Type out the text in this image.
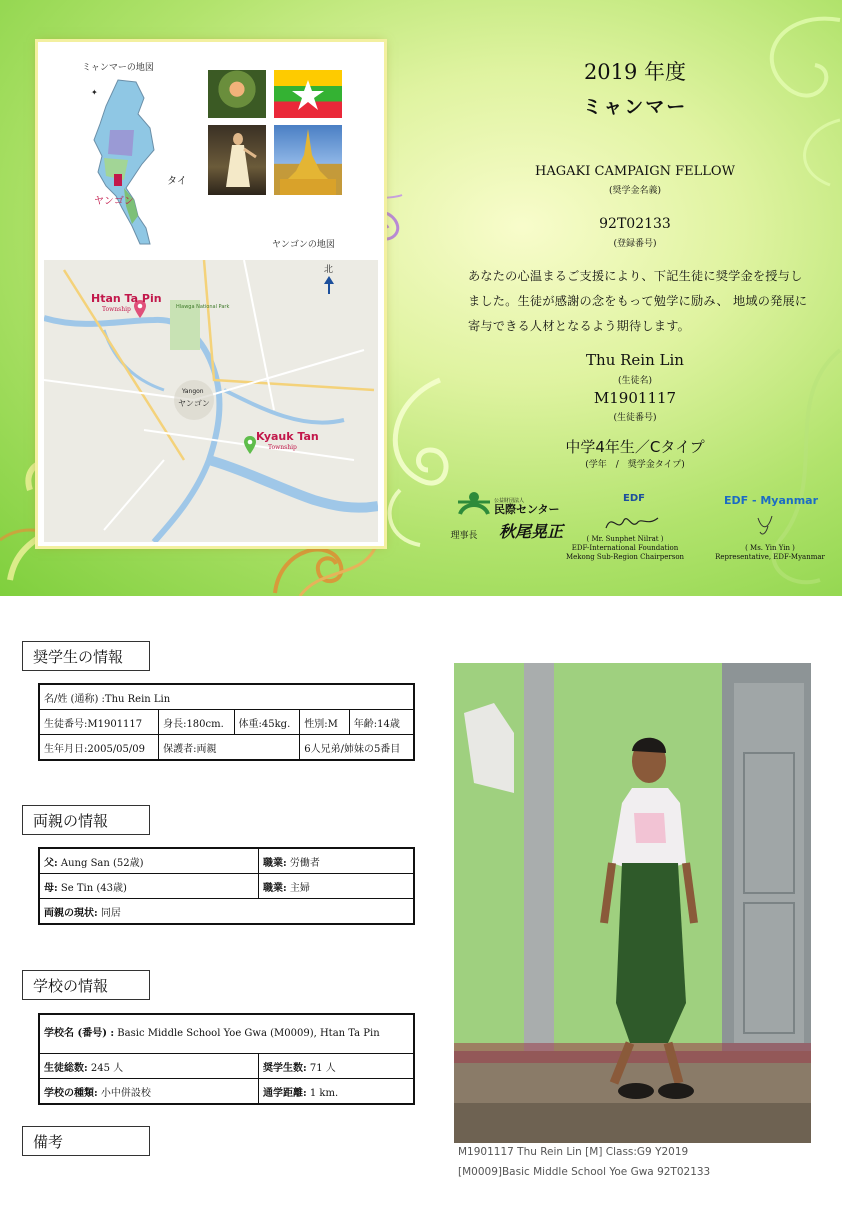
ミャンマーの地図
✦
タイ
ヤンゴン
ヤンゴンの地図
Hlawga National Park
Yangon
ヤンゴン
Htan Ta Pin
Township
Kyauk Tan
Township
北
2019 年度
ミャンマー
HAGAKI CAMPAIGN FELLOW
(奨学金名義)
92T02133
(登録番号)
あなたの心温まるご支援により、下記生徒に奨学金を授与しました。生徒が感謝の念をもって勉学に励み、 地域の発展に寄与できる人材となるよう期待します。
Thu Rein Lin
(生徒名)
M1901117
(生徒番号)
中学4年生／Cタイプ
(学年　/　奨学金タイプ)
公益財団法人
民際センター
理事長	秋尾晃正
EDF
( Mr. Sunphet Nilrat )
EDF-International Foundation
Mekong Sub-Region Chairperson
EDF - Myanmar
( Ms. Yin Yin )
Representative, EDF-Myanmar
奨学生の情報
名/姓 (通称) :Thu Rein Lin				
生徒番号:M1901117	身長:180cm.	体重:45kg.	性別:M	年齢:14歳
生年月日:2005/05/09	保護者:両親		6人兄弟/姉妹の5番目	
両親の情報
父: Aung San (52歳)	職業: 労働者
母: Se Tin (43歳)	職業: 主婦
両親の現状: 同居	
学校の情報
学校名 (番号) : Basic Middle School Yoe Gwa (M0009), Htan Ta Pin	
生徒総数: 245 人	奨学生数: 71 人
学校の種類: 小中併設校	通学距離: 1 km.
備考
M1901117 Thu Rein Lin [M] Class:G9 Y2019
[M0009]Basic Middle School Yoe Gwa 92T02133
